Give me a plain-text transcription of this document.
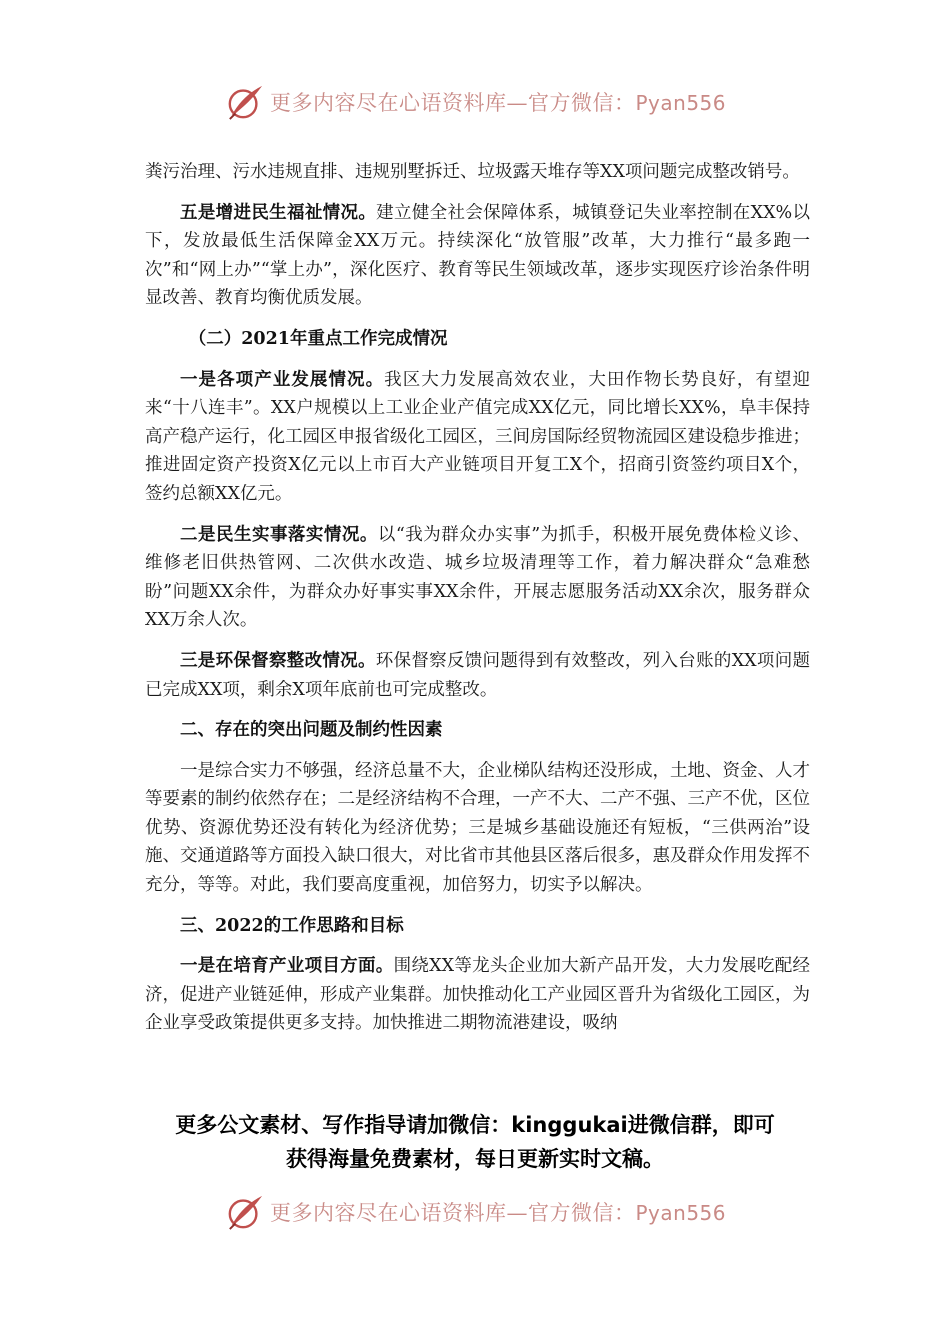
更多内容尽在心语资料库—官方微信：Pyan556

粪污治理、污水违规直排、违规别墅拆迁、垃圾露天堆存等XX项问题完成整改销号。

五是增进民生福祉情况。建立健全社会保障体系，城镇登记失业率控制在XX%以下，发放最低生活保障金XX万元。持续深化“放管服”改革，大力推行“最多跑一次”和“网上办”“掌上办”，深化医疗、教育等民生领域改革，逐步实现医疗诊治条件明显改善、教育均衡优质发展。

（二）2021年重点工作完成情况

一是各项产业发展情况。我区大力发展高效农业，大田作物长势良好，有望迎来“十八连丰”。XX户规模以上工业企业产值完成XX亿元，同比增长XX%，阜丰保持高产稳产运行，化工园区申报省级化工园区，三间房国际经贸物流园区建设稳步推进；推进固定资产投资X亿元以上市百大产业链项目开复工X个，招商引资签约项目X个，签约总额XX亿元。

二是民生实事落实情况。以“我为群众办实事”为抓手，积极开展免费体检义诊、维修老旧供热管网、二次供水改造、城乡垃圾清理等工作，着力解决群众“急难愁盼”问题XX余件，为群众办好事实事XX余件，开展志愿服务活动XX余次，服务群众XX万余人次。

三是环保督察整改情况。环保督察反馈问题得到有效整改，列入台账的XX项问题已完成XX项，剩余X项年底前也可完成整改。

二、存在的突出问题及制约性因素

一是综合实力不够强，经济总量不大，企业梯队结构还没形成，土地、资金、人才等要素的制约依然存在；二是经济结构不合理，一产不大、二产不强、三产不优，区位优势、资源优势还没有转化为经济优势；三是城乡基础设施还有短板，“三供两治”设施、交通道路等方面投入缺口很大，对比省市其他县区落后很多，惠及群众作用发挥不充分，等等。对此，我们要高度重视，加倍努力，切实予以解决。

三、2022的工作思路和目标

一是在培育产业项目方面。围绕XX等龙头企业加大新产品开发，大力发展吃配经济，促进产业链延伸，形成产业集群。加快推动化工产业园区晋升为省级化工园区，为企业享受政策提供更多支持。加快推进二期物流港建设，吸纳

更多公文素材、写作指导请加微信：kinggukai进微信群，即可
获得海量免费素材，每日更新实时文稿。
更多内容尽在心语资料库—官方微信：Pyan556
